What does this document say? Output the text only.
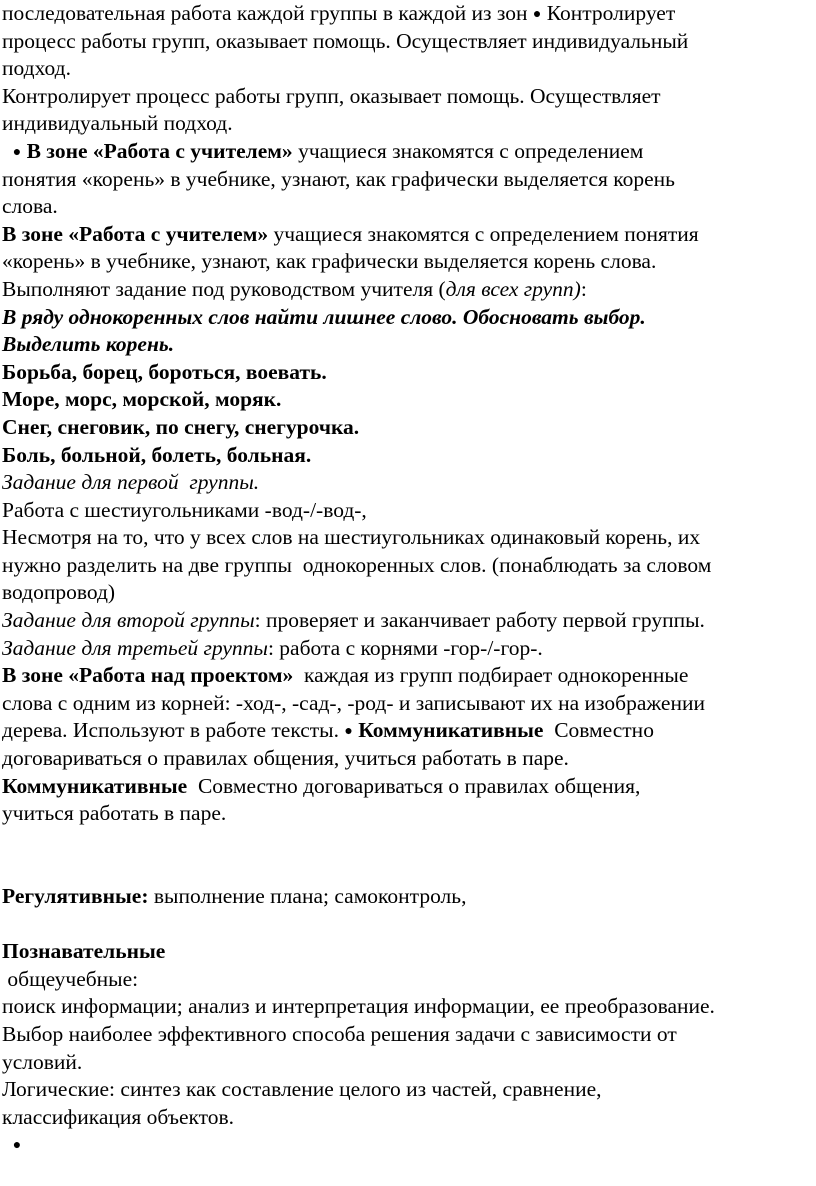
последовательная работа каждой группы в каждой из зон ● Контролирует
процесс работы групп, оказывает помощь. Осуществляет индивидуальный
подход.
Контролирует процесс работы групп, оказывает помощь. Осуществляет
индивидуальный подход.
● В зоне «Работа с учителем» учащиеся знакомятся с определением
понятия «корень» в учебнике, узнают, как графически выделяется корень
слова.
В зоне «Работа с учителем» учащиеся знакомятся с определением понятия
«корень» в учебнике, узнают, как графически выделяется корень слова.
Выполняют задание под руководством учителя (для всех групп):
В ряду однокоренных слов найти лишнее слово. Обосновать выбор.
Выделить корень.
Борьба, борец, бороться, воевать.
Море, морс, морской, моряк.
Снег, снеговик, по снегу, снегурочка.
Боль, больной, болеть, больная.
Задание для первой  группы.
Работа с шестиугольниками -вод-/-вод-,
Несмотря на то, что у всех слов на шестиугольниках одинаковый корень, их
нужно разделить на две группы  однокоренных слов. (понаблюдать за словом
водопровод)
Задание для второй группы: проверяет и заканчивает работу первой группы.
Задание для третьей группы: работа с корнями -гор-/-гор-.
В зоне «Работа над проектом»  каждая из групп подбирает однокоренные
слова с одним из корней: -ход-, -сад-, -род- и записывают их на изображении
дерева. Используют в работе тексты. ● Коммуникативные  Совместно
договариваться о правилах общения, учиться работать в паре.
Коммуникативные  Совместно договариваться о правилах общения,
учиться работать в паре.
Регулятивные: выполнение плана; самоконтроль,
Познавательные
общеучебные:
поиск информации; анализ и интерпретация информации, ее преобразование.
Выбор наиболее эффективного способа решения задачи с зависимости от
условий.
Логические: синтез как составление целого из частей, сравнение,
классификация объектов.
●
